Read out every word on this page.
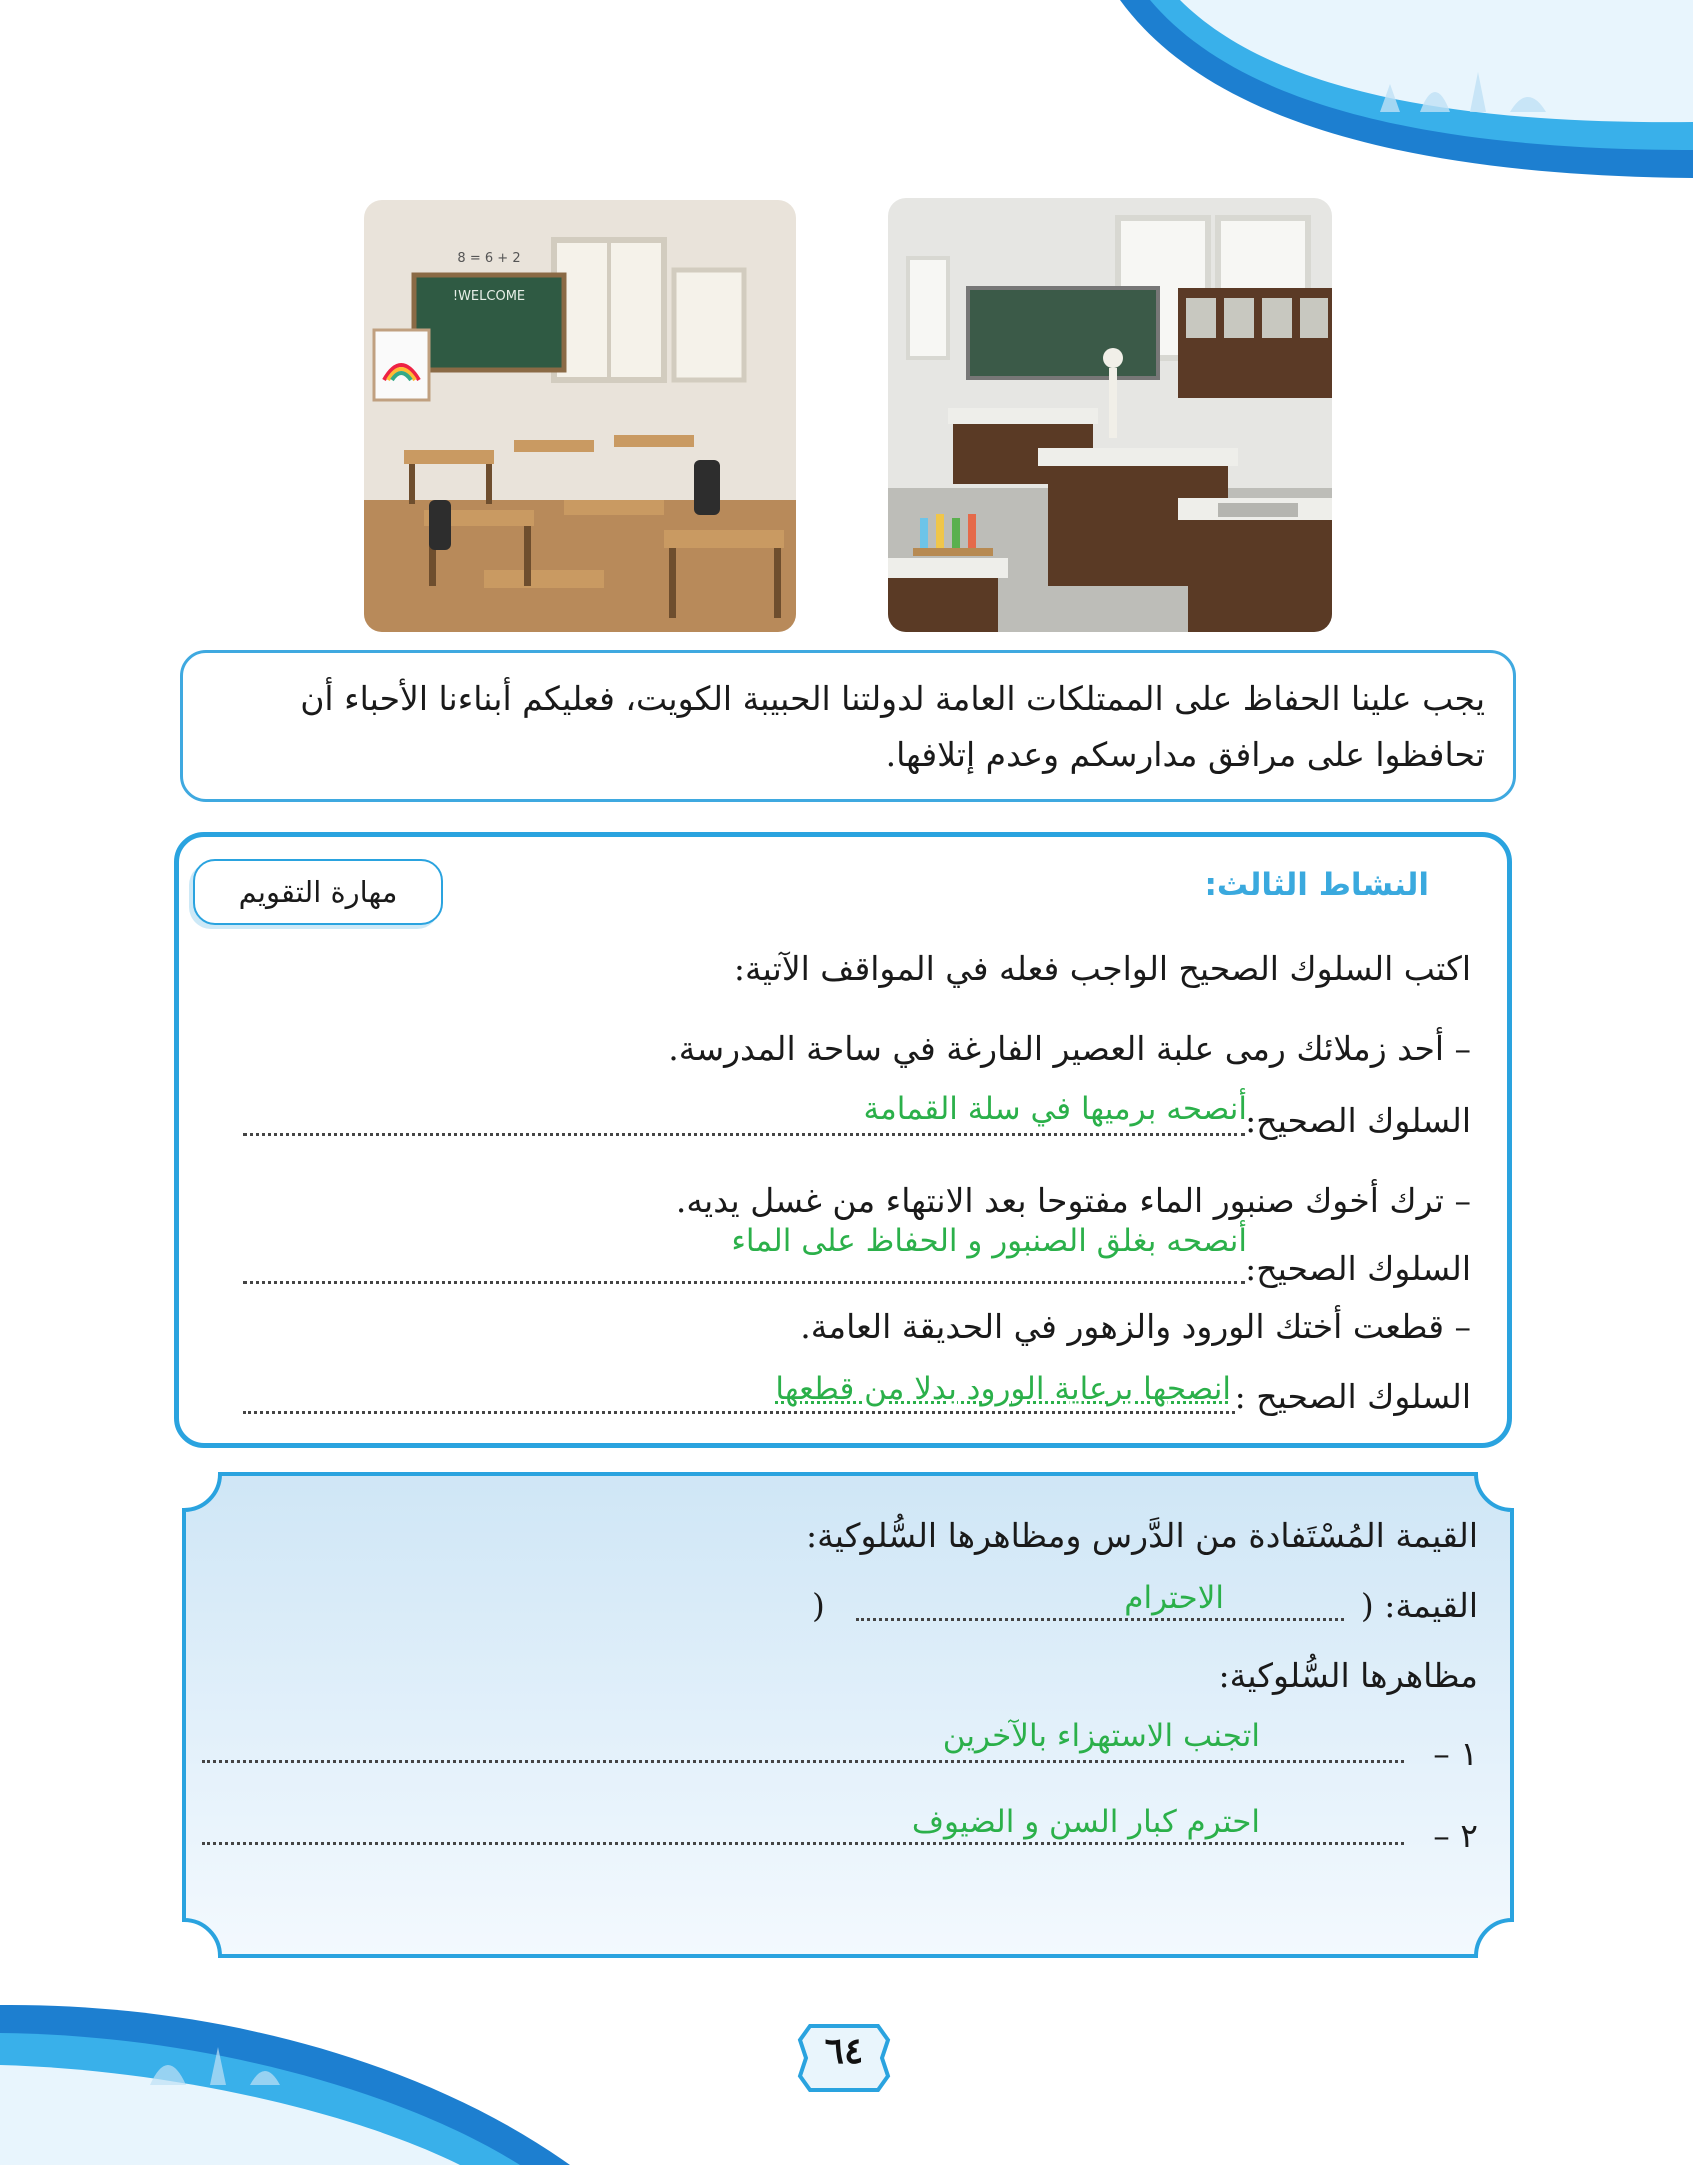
WELCOME!
2 + 6 = 8
يجب علينا الحفاظ على الممتلكات العامة لدولتنا الحبيبة الكويت، فعليكم أبناءنا الأحباء أن تحافظوا على مرافق مدارسكم وعدم إتلافها.
النشاط الثالث:
مهارة التقويم
اكتب السلوك الصحيح الواجب فعله في المواقف الآتية:
– أحد زملائك رمى علبة العصير الفارغة في ساحة المدرسة.
السلوك الصحيح:
أنصحه برميها في سلة القمامة
– ترك أخوك صنبور الماء مفتوحا بعد الانتهاء من غسل يديه.
السلوك الصحيح:
أنصحه بغلق الصنبور و الحفاظ على الماء
– قطعت أختك الورود والزهور في الحديقة العامة.
السلوك الصحيح :
انصحها برعاية الورود بدلا من قطعها
القيمة المُسْتَفادة من الدَّرس ومظاهرها السُّلوكية:
القيمة: (
الاحترام
)
مظاهرها السُّلوكية:
١ –
اتجنب الاستهزاء بالآخرين
٢ –
احترم كبار السن و الضيوف
٦٤
